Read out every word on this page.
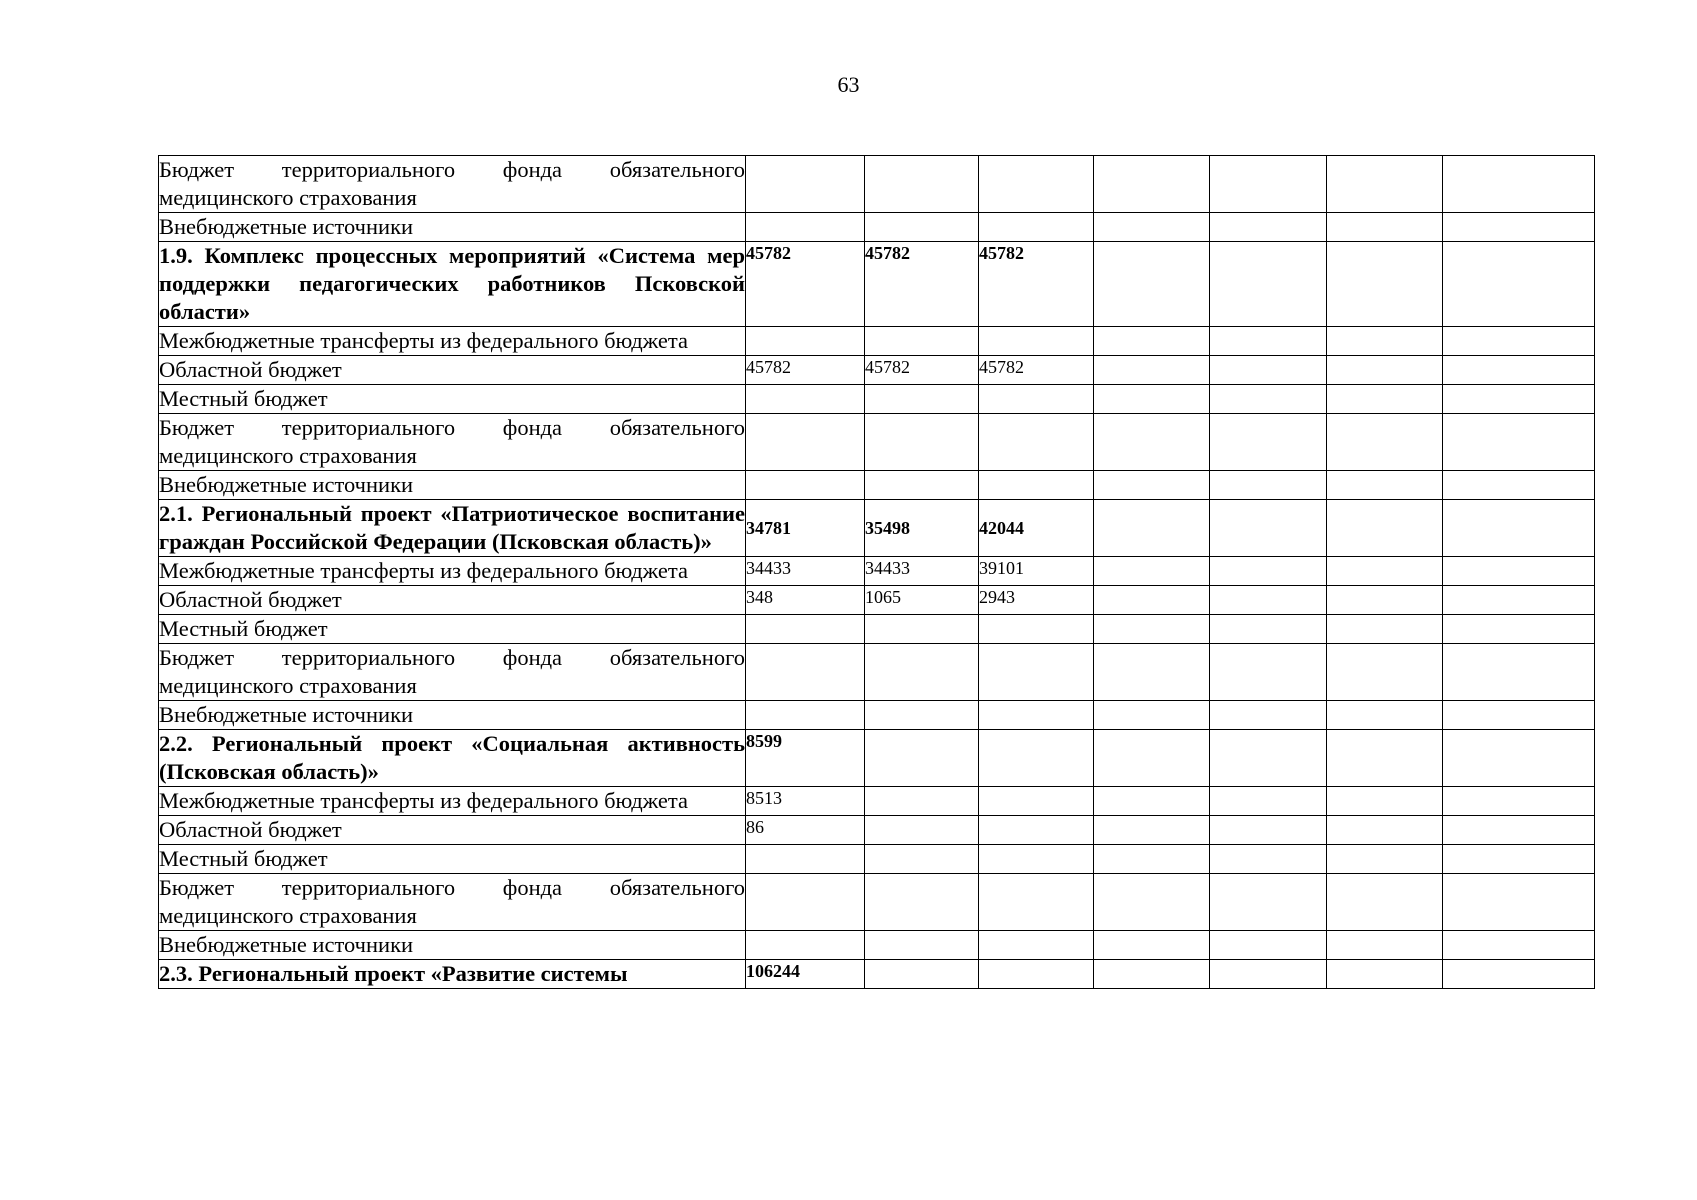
63
Бюджет территориального фонда обязательного медицинского страхования							
Внебюджетные источники							
1.9. Комплекс процессных мероприятий «Система мер поддержки педагогических работников Псковской области»	45782	45782	45782				
Межбюджетные трансферты из федерального бюджета							
Областной бюджет	45782	45782	45782				
Местный бюджет							
Бюджет территориального фонда обязательного медицинского страхования							
Внебюджетные источники							
2.1. Региональный проект «Патриотическое воспитание граждан Российской Федерации (Псковская область)»	34781	35498	42044				
Межбюджетные трансферты из федерального бюджета	34433	34433	39101				
Областной бюджет	348	1065	2943				
Местный бюджет							
Бюджет территориального фонда обязательного медицинского страхования							
Внебюджетные источники							
2.2. Региональный проект «Социальная активность (Псковская область)»	8599						
Межбюджетные трансферты из федерального бюджета	8513						
Областной бюджет	86						
Местный бюджет							
Бюджет территориального фонда обязательного медицинского страхования							
Внебюджетные источники							
2.3. Региональный проект «Развитие системы	106244						
